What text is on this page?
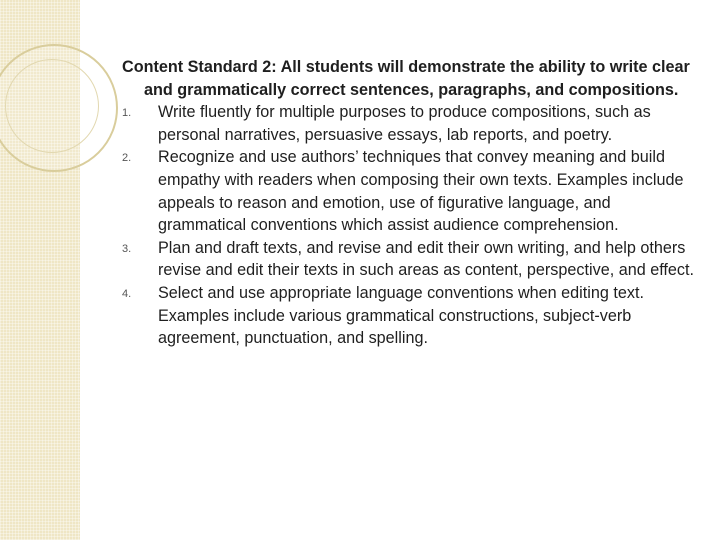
Content Standard 2: All students will demonstrate the ability to write clear and grammatically correct sentences, paragraphs, and compositions.

1. Write fluently for multiple purposes to produce compositions, such as personal narratives, persuasive essays, lab reports, and poetry.
2. Recognize and use authors’ techniques that convey meaning and build empathy with readers when composing their own texts. Examples include appeals to reason and emotion, use of figurative language, and grammatical conventions which assist audience comprehension.
3. Plan and draft texts, and revise and edit their own writing, and help others revise and edit their texts in such areas as content, perspective, and effect.
4. Select and use appropriate language conventions when editing text. Examples include various grammatical constructions, subject-verb agreement, punctuation, and spelling.
